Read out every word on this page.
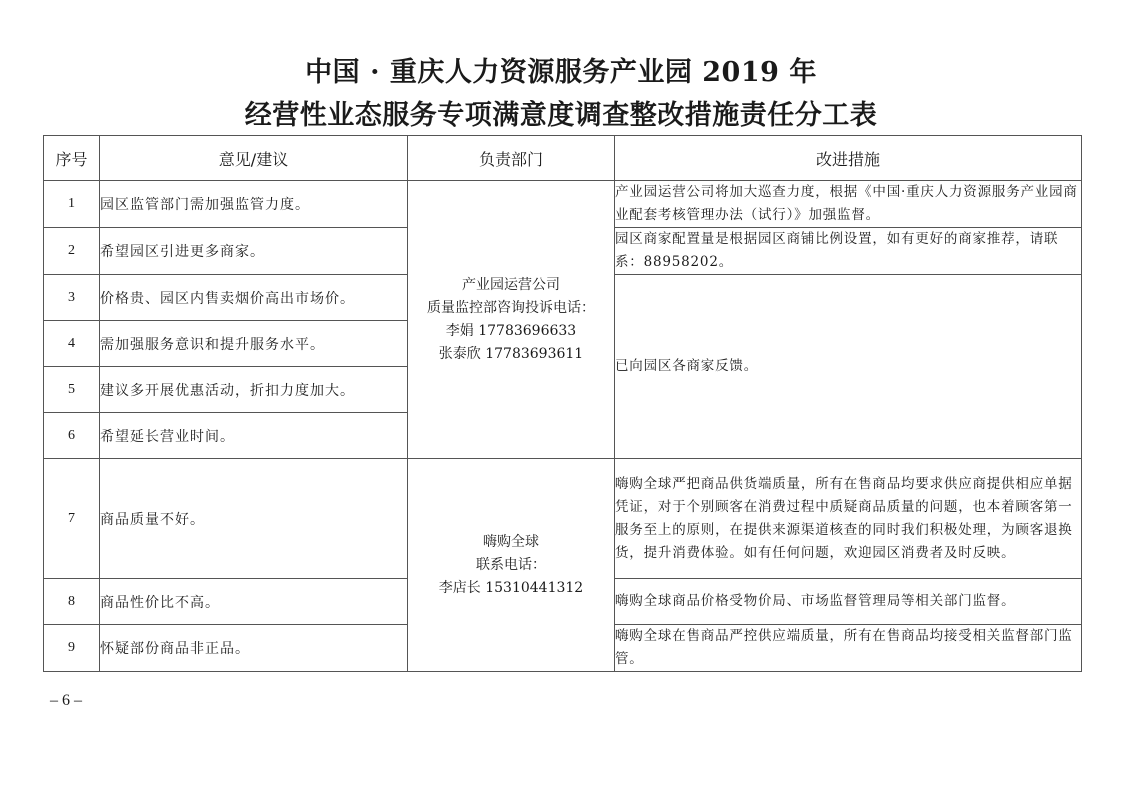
中国 · 重庆人力资源服务产业园 2019 年
经营性业态服务专项满意度调查整改措施责任分工表
序号	意见/建议	负责部门	改进措施
1	园区监管部门需加强监管力度。	产业园运营公司
质量监控部咨询投诉电话：
李娟 17783696633
张泰欣 17783693611	产业园运营公司将加大巡查力度，根据《中国·重庆人力资源服务产业园商业配套考核管理办法（试行）》加强监督。
2	希望园区引进更多商家。		园区商家配置量是根据园区商铺比例设置，如有更好的商家推荐，请联系：88958202。
3	价格贵、园区内售卖烟价高出市场价。		已向园区各商家反馈。
4	需加强服务意识和提升服务水平。		
5	建议多开展优惠活动，折扣力度加大。		
6	希望延长营业时间。		
7	商品质量不好。	嗨购全球
联系电话：
李店长 15310441312	嗨购全球严把商品供货端质量，所有在售商品均要求供应商提供相应单据凭证，对于个别顾客在消费过程中质疑商品质量的问题，也本着顾客第一服务至上的原则，在提供来源渠道核查的同时我们积极处理，为顾客退换货，提升消费体验。如有任何问题，欢迎园区消费者及时反映。
8	商品性价比不高。		嗨购全球商品价格受物价局、市场监督管理局等相关部门监督。
9	怀疑部份商品非正品。		嗨购全球在售商品严控供应端质量，所有在售商品均接受相关监督部门监管。
– 6 –
